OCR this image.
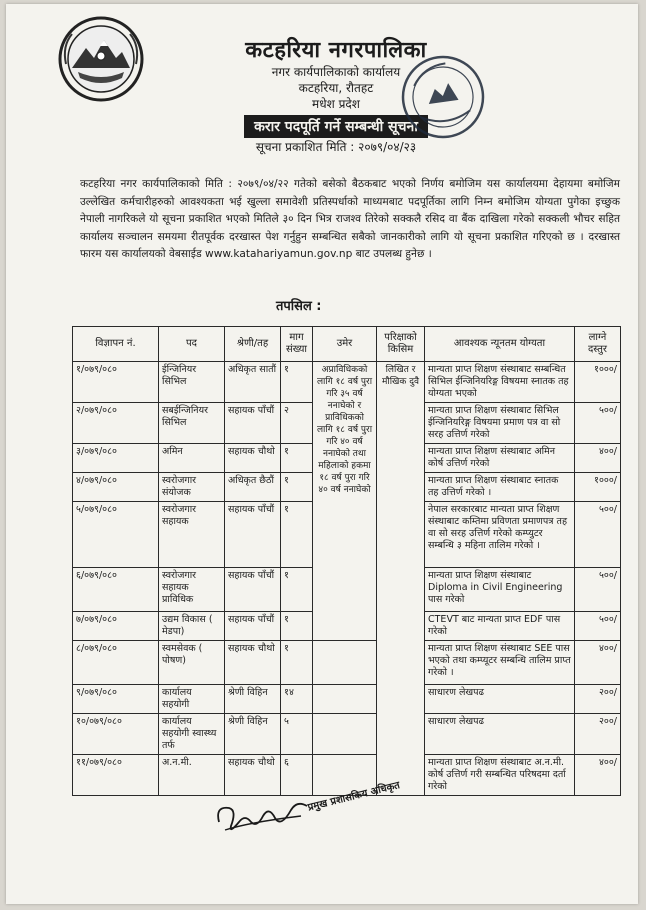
कटहरिया नगरपालिका
नगर कार्यपालिकाको कार्यालय
कटहरिया, रौतहट
मधेश प्रदेश
करार पदपूर्ति गर्ने सम्बन्धी सूचना
सूचना प्रकाशित मिति : २०७९/०४/२३
कटहरिया नगर कार्यपालिकाको मिति : २०७९/०४/२२ गतेको बसेको बैठकबाट भएको निर्णय बमोजिम यस कार्यालयमा देहायमा बमोजिम उल्लेखित कर्मचारीहरुको आवश्यकता भई खुल्ला समावेशी प्रतिस्पर्धाको माध्यमबाट पदपूर्तिका लागि निम्न बमोजिम योग्यता पुगेका इच्छुक नेपाली नागरिकले यो सूचना प्रकाशित भएको मितिले ३० दिन भित्र राजश्व तिरेको सक्कलै रसिद वा बैंक दाखिला गरेको सक्कली भौचर सहित कार्यालय सञ्चालन समयमा रीतपूर्वक दरखास्त पेश गर्नुहुन सम्बन्धित सबैको जानकारीको लागि यो सूचना प्रकाशित गरिएको छ । दरखास्त फारम यस कार्यालयको वेबसाईड www.katahariyamun.gov.np बाट उपलब्ध हुनेछ ।
तपसिल :
विज्ञापन नं.	पद	श्रेणी/तह	माग संख्या	उमेर	परिक्षाको किसिम	आवश्यक न्यूनतम योग्यता	लाग्ने दस्तुर
१/०७९/०८०	ईन्जिनियर सिभिल	अधिकृत सातौं	१	अप्राविधिकको लागि १८ वर्ष पुरा गरि ३५ वर्ष ननाघेको र प्राविधिकको लागि १८ वर्ष पुरा गरि ४० वर्ष ननाघेको तथा महिलाको हकमा १८ वर्ष पुरा गरि ४० वर्ष ननाघेको	लिखित र मौखिक दुवै	मान्यता प्राप्त शिक्षण संस्थाबाट सम्बन्धित सिभिल ईन्जिनियरिङ्ग विषयमा स्नातक तह योग्यता भएको	१०००/
२/०७९/०८०	सबईन्जिनियर सिभिल	सहायक पाँचौं	२			मान्यता प्राप्त शिक्षण संस्थाबाट सिभिल ईन्जिनियरिङ्ग विषयमा प्रमाण पत्र वा सो सरह उत्तिर्ण गरेको	५००/
३/०७९/०८०	अमिन	सहायक चौथो	१			मान्यता प्राप्त शिक्षण संस्थाबाट अमिन कोर्ष उत्तिर्ण गरेको	४००/
४/०७९/०८०	स्वरोजगार संयोजक	अधिकृत छैठौं	१			मान्यता प्राप्त शिक्षण संस्थाबाट स्नातक तह उत्तिर्ण गरेको ।	१०००/
५/०७९/०८०	स्वरोजगार सहायक	सहायक पाँचौं	१			नेपाल सरकारबाट मान्यता प्राप्त शिक्षण संस्थाबाट कम्तिमा प्रविणता प्रमाणपत्र तह वा सो सरह उत्तिर्ण गरेको कम्प्युटर सम्बन्धि ३ महिना तालिम गरेको ।	५००/
६/०७९/०८०	स्वरोजगार सहायक प्राविधिक	सहायक पाँचौं	१			मान्यता प्राप्त शिक्षण संस्थाबाट Diploma in Civil Engineering पास गरेको	५००/
७/०७९/०८०	उद्यम विकास ( मेडपा)	सहायक पाँचौं	१			CTEVT बाट मान्यता प्राप्त EDF पास गरेको	५००/
८/०७९/०८०	स्वमसेवक ( पोषण)	सहायक चौथो	१			मान्यता प्राप्त शिक्षण संस्थाबाट SEE पास भएको तथा कम्प्यूटर सम्बन्धि तालिम प्राप्त गरेको ।	४००/
९/०७९/०८०	कार्यालय सहयोगी	श्रेणी विहिन	१४			साधारण लेखपढ	२००/
१०/०७९/०८०	कार्यालय सहयोगी स्वास्थ्य तर्फ	श्रेणी विहिन	५			साधारण लेखपढ	२००/
११/०७९/०८०	अ.न.मी.	सहायक चौथो	६			मान्यता प्राप्त शिक्षण संस्थाबाट अ.न.मी. कोर्ष उत्तिर्ण गरी सम्बन्धित परिषदमा दर्ता गरेको	४००/
प्रमुख प्रशासकिय अधिकृत
